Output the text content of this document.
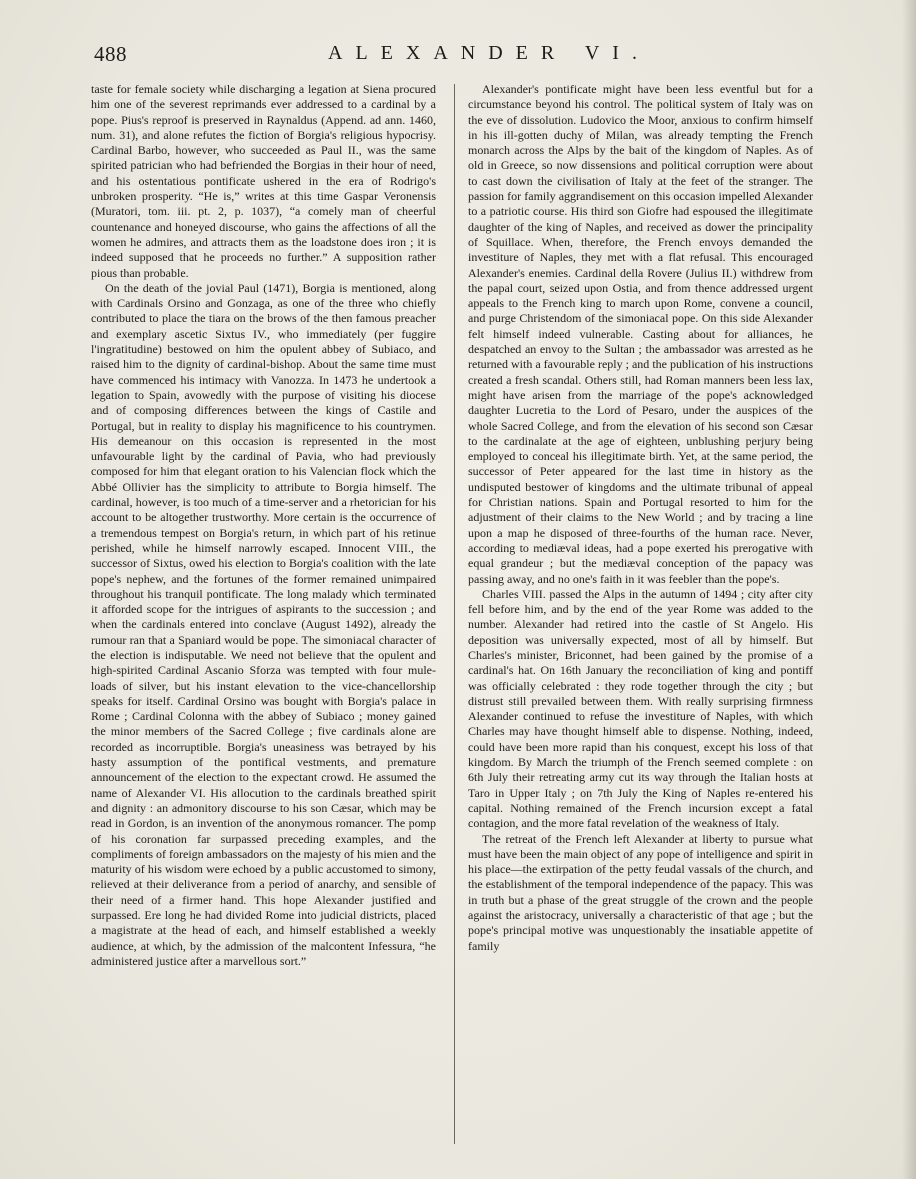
488	ALEXANDER VI.

taste for female society while discharging a legation at Siena procured him one of the severest reprimands ever addressed to a cardinal by a pope. Pius's reproof is preserved in Raynaldus (Append. ad ann. 1460, num. 31), and alone refutes the fiction of Borgia's religious hypocrisy. Cardinal Barbo, however, who succeeded as Paul II., was the same spirited patrician who had befriended the Borgias in their hour of need, and his ostentatious pontificate ushered in the era of Rodrigo's unbroken prosperity. “He is,” writes at this time Gaspar Veronensis (Muratori, tom. iii. pt. 2, p. 1037), “a comely man of cheerful countenance and honeyed discourse, who gains the affections of all the women he admires, and attracts them as the loadstone does iron ; it is indeed supposed that he proceeds no further.” A supposition rather pious than probable.

On the death of the jovial Paul (1471), Borgia is mentioned, along with Cardinals Orsino and Gonzaga, as one of the three who chiefly contributed to place the tiara on the brows of the then famous preacher and exemplary ascetic Sixtus IV., who immediately (per fuggire l'ingratitudine) bestowed on him the opulent abbey of Subiaco, and raised him to the dignity of cardinal-bishop. About the same time must have commenced his intimacy with Vanozza. In 1473 he undertook a legation to Spain, avowedly with the purpose of visiting his diocese and of composing differences between the kings of Castile and Portugal, but in reality to display his magnificence to his countrymen. His demeanour on this occasion is represented in the most unfavourable light by the cardinal of Pavia, who had previously composed for him that elegant oration to his Valencian flock which the Abbé Ollivier has the simplicity to attribute to Borgia himself. The cardinal, however, is too much of a time-server and a rhetorician for his account to be altogether trustworthy. More certain is the occurrence of a tremendous tempest on Borgia's return, in which part of his retinue perished, while he himself narrowly escaped. Innocent VIII., the successor of Sixtus, owed his election to Borgia's coalition with the late pope's nephew, and the fortunes of the former remained unimpaired throughout his tranquil pontificate. The long malady which terminated it afforded scope for the intrigues of aspirants to the succession ; and when the cardinals entered into conclave (August 1492), already the rumour ran that a Spaniard would be pope. The simoniacal character of the election is indisputable. We need not believe that the opulent and high-spirited Cardinal Ascanio Sforza was tempted with four mule-loads of silver, but his instant elevation to the vice-chancellorship speaks for itself. Cardinal Orsino was bought with Borgia's palace in Rome ; Cardinal Colonna with the abbey of Subiaco ; money gained the minor members of the Sacred College ; five cardinals alone are recorded as incorruptible. Borgia's uneasiness was betrayed by his hasty assumption of the pontifical vestments, and premature announcement of the election to the expectant crowd. He assumed the name of Alexander VI. His allocution to the cardinals breathed spirit and dignity : an admonitory discourse to his son Cæsar, which may be read in Gordon, is an invention of the anonymous romancer. The pomp of his coronation far surpassed preceding examples, and the compliments of foreign ambassadors on the majesty of his mien and the maturity of his wisdom were echoed by a public accustomed to simony, relieved at their deliverance from a period of anarchy, and sensible of their need of a firmer hand. This hope Alexander justified and surpassed. Ere long he had divided Rome into judicial districts, placed a magistrate at the head of each, and himself established a weekly audience, at which, by the admission of the malcontent Infessura, “he administered justice after a marvellous sort.”

Alexander's pontificate might have been less eventful but for a circumstance beyond his control. The political system of Italy was on the eve of dissolution. Ludovico the Moor, anxious to confirm himself in his ill-gotten duchy of Milan, was already tempting the French monarch across the Alps by the bait of the kingdom of Naples. As of old in Greece, so now dissensions and political corruption were about to cast down the civilisation of Italy at the feet of the stranger. The passion for family aggrandisement on this occasion impelled Alexander to a patriotic course. His third son Giofre had espoused the illegitimate daughter of the king of Naples, and received as dower the principality of Squillace. When, therefore, the French envoys demanded the investiture of Naples, they met with a flat refusal. This encouraged Alexander's enemies. Cardinal della Rovere (Julius II.) withdrew from the papal court, seized upon Ostia, and from thence addressed urgent appeals to the French king to march upon Rome, convene a council, and purge Christendom of the simoniacal pope. On this side Alexander felt himself indeed vulnerable. Casting about for alliances, he despatched an envoy to the Sultan ; the ambassador was arrested as he returned with a favourable reply ; and the publication of his instructions created a fresh scandal. Others still, had Roman manners been less lax, might have arisen from the marriage of the pope's acknowledged daughter Lucretia to the Lord of Pesaro, under the auspices of the whole Sacred College, and from the elevation of his second son Cæsar to the cardinalate at the age of eighteen, unblushing perjury being employed to conceal his illegitimate birth. Yet, at the same period, the successor of Peter appeared for the last time in history as the undisputed bestower of kingdoms and the ultimate tribunal of appeal for Christian nations. Spain and Portugal resorted to him for the adjustment of their claims to the New World ; and by tracing a line upon a map he disposed of three-fourths of the human race. Never, according to mediæval ideas, had a pope exerted his prerogative with equal grandeur ; but the mediæval conception of the papacy was passing away, and no one's faith in it was feebler than the pope's.

Charles VIII. passed the Alps in the autumn of 1494 ; city after city fell before him, and by the end of the year Rome was added to the number. Alexander had retired into the castle of St Angelo. His deposition was universally expected, most of all by himself. But Charles's minister, Briconnet, had been gained by the promise of a cardinal's hat. On 16th January the reconciliation of king and pontiff was officially celebrated : they rode together through the city ; but distrust still prevailed between them. With really surprising firmness Alexander continued to refuse the investiture of Naples, with which Charles may have thought himself able to dispense. Nothing, indeed, could have been more rapid than his conquest, except his loss of that kingdom. By March the triumph of the French seemed complete : on 6th July their retreating army cut its way through the Italian hosts at Taro in Upper Italy ; on 7th July the King of Naples re-entered his capital. Nothing remained of the French incursion except a fatal contagion, and the more fatal revelation of the weakness of Italy.

The retreat of the French left Alexander at liberty to pursue what must have been the main object of any pope of intelligence and spirit in his place—the extirpation of the petty feudal vassals of the church, and the establishment of the temporal independence of the papacy. This was in truth but a phase of the great struggle of the crown and the people against the aristocracy, universally a characteristic of that age ; but the pope's principal motive was unquestionably the insatiable appetite of family
